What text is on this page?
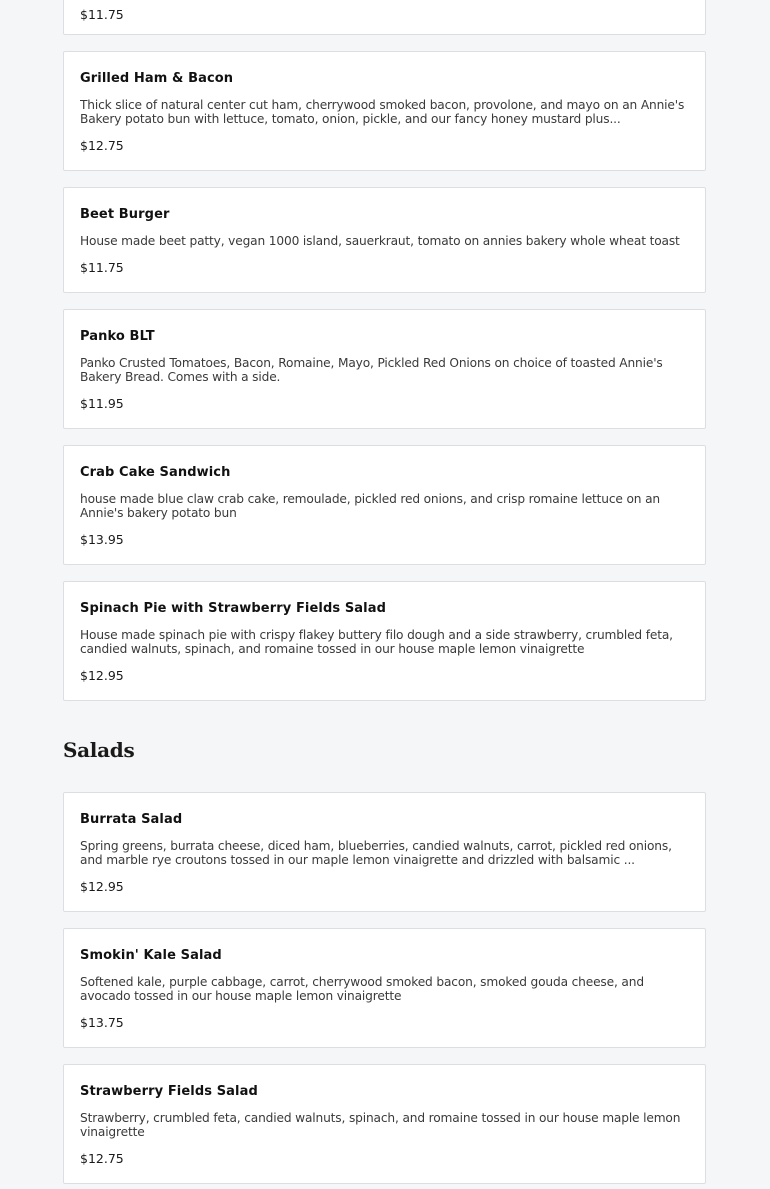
$11.75
Grilled Ham & Bacon
Thick slice of natural center cut ham, cherrywood smoked bacon, provolone, and mayo on an Annie's Bakery potato bun with lettuce, tomato, onion, pickle, and our fancy honey mustard plus...
$12.75
Beet Burger
House made beet patty, vegan 1000 island, sauerkraut, tomato on annies bakery whole wheat toast
$11.75
Panko BLT
Panko Crusted Tomatoes, Bacon, Romaine, Mayo, Pickled Red Onions on choice of toasted Annie's Bakery Bread. Comes with a side.
$11.95
Crab Cake Sandwich
house made blue claw crab cake, remoulade, pickled red onions, and crisp romaine lettuce on an Annie's bakery potato bun
$13.95
Spinach Pie with Strawberry Fields Salad
House made spinach pie with crispy flakey buttery filo dough and a side strawberry, crumbled feta, candied walnuts, spinach, and romaine tossed in our house maple lemon vinaigrette
$12.95
Salads
Burrata Salad
Spring greens, burrata cheese, diced ham, blueberries, candied walnuts, carrot, pickled red onions, and marble rye croutons tossed in our maple lemon vinaigrette and drizzled with balsamic ...
$12.95
Smokin' Kale Salad
Softened kale, purple cabbage, carrot, cherrywood smoked bacon, smoked gouda cheese, and avocado tossed in our house maple lemon vinaigrette
$13.75
Strawberry Fields Salad
Strawberry, crumbled feta, candied walnuts, spinach, and romaine tossed in our house maple lemon vinaigrette
$12.75
